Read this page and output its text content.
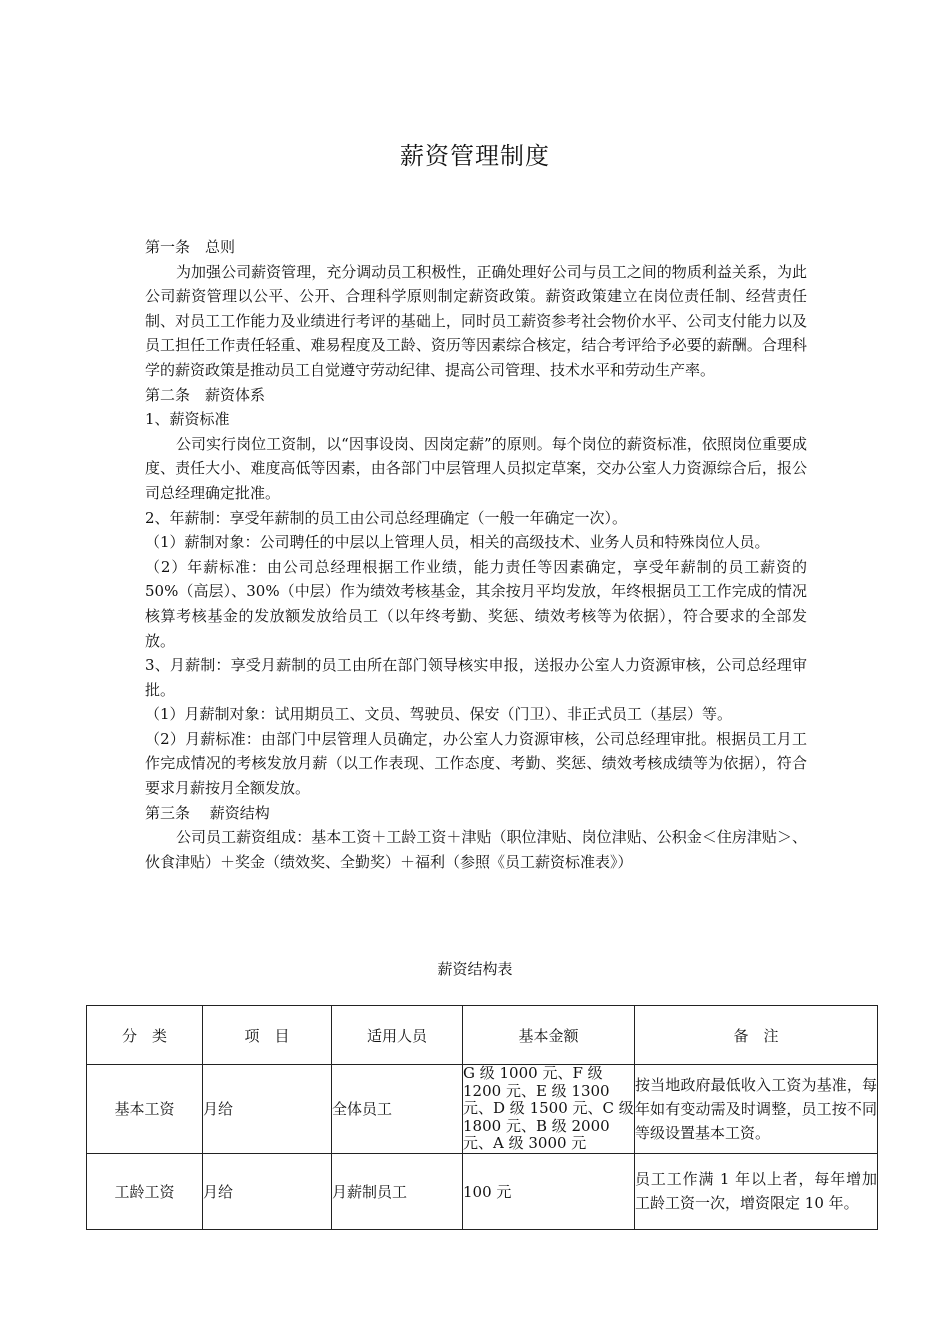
薪资管理制度

第一条　总则

为加强公司薪资管理，充分调动员工积极性，正确处理好公司与员工之间的物质利益关系，为此公司薪资管理以公平、公开、合理科学原则制定薪资政策。薪资政策建立在岗位责任制、经营责任制、对员工工作能力及业绩进行考评的基础上，同时员工薪资参考社会物价水平、公司支付能力以及员工担任工作责任轻重、难易程度及工龄、资历等因素综合核定，结合考评给予必要的薪酬。合理科学的薪资政策是推动员工自觉遵守劳动纪律、提高公司管理、技术水平和劳动生产率。

第二条　薪资体系

1、薪资标准

公司实行岗位工资制，以“因事设岗、因岗定薪”的原则。每个岗位的薪资标准，依照岗位重要成度、责任大小、难度高低等因素，由各部门中层管理人员拟定草案，交办公室人力资源综合后，报公司总经理确定批准。

2、年薪制：享受年薪制的员工由公司总经理确定（一般一年确定一次）。

（1）薪制对象：公司聘任的中层以上管理人员，相关的高级技术、业务人员和特殊岗位人员。

（2）年薪标准：由公司总经理根据工作业绩，能力责任等因素确定，享受年薪制的员工薪资的 50%（高层）、30%（中层）作为绩效考核基金，其余按月平均发放，年终根据员工工作完成的情况核算考核基金的发放额发放给员工（以年终考勤、奖惩、绩效考核等为依据），符合要求的全部发放。

3、月薪制：享受月薪制的员工由所在部门领导核实申报，送报办公室人力资源审核，公司总经理审批。

（1）月薪制对象：试用期员工、文员、驾驶员、保安（门卫）、非正式员工（基层）等。

（2）月薪标准：由部门中层管理人员确定，办公室人力资源审核，公司总经理审批。根据员工月工作完成情况的考核发放月薪（以工作表现、工作态度、考勤、奖惩、绩效考核成绩等为依据），符合要求月薪按月全额发放。

第三条　 薪资结构

公司员工薪资组成：基本工资＋工龄工资＋津贴（职位津贴、岗位津贴、公积金＜住房津贴＞、伙食津贴）＋奖金（绩效奖、全勤奖）＋福利（参照《员工薪资标准表》）

薪资结构表
分　类	项　目	适用人员	基本金额	备　注
基本工资	月给	全体员工	G 级 1000 元、F 级 1200 元、E 级 1300 元、D 级 1500 元、C 级 1800 元、B 级 2000 元、A 级 3000 元	按当地政府最低收入工资为基准，每年如有变动需及时调整，员工按不同等级设置基本工资。
工龄工资	月给	月薪制员工	100 元	员工工作满 1 年以上者，每年增加工龄工资一次，增资限定 10 年。
